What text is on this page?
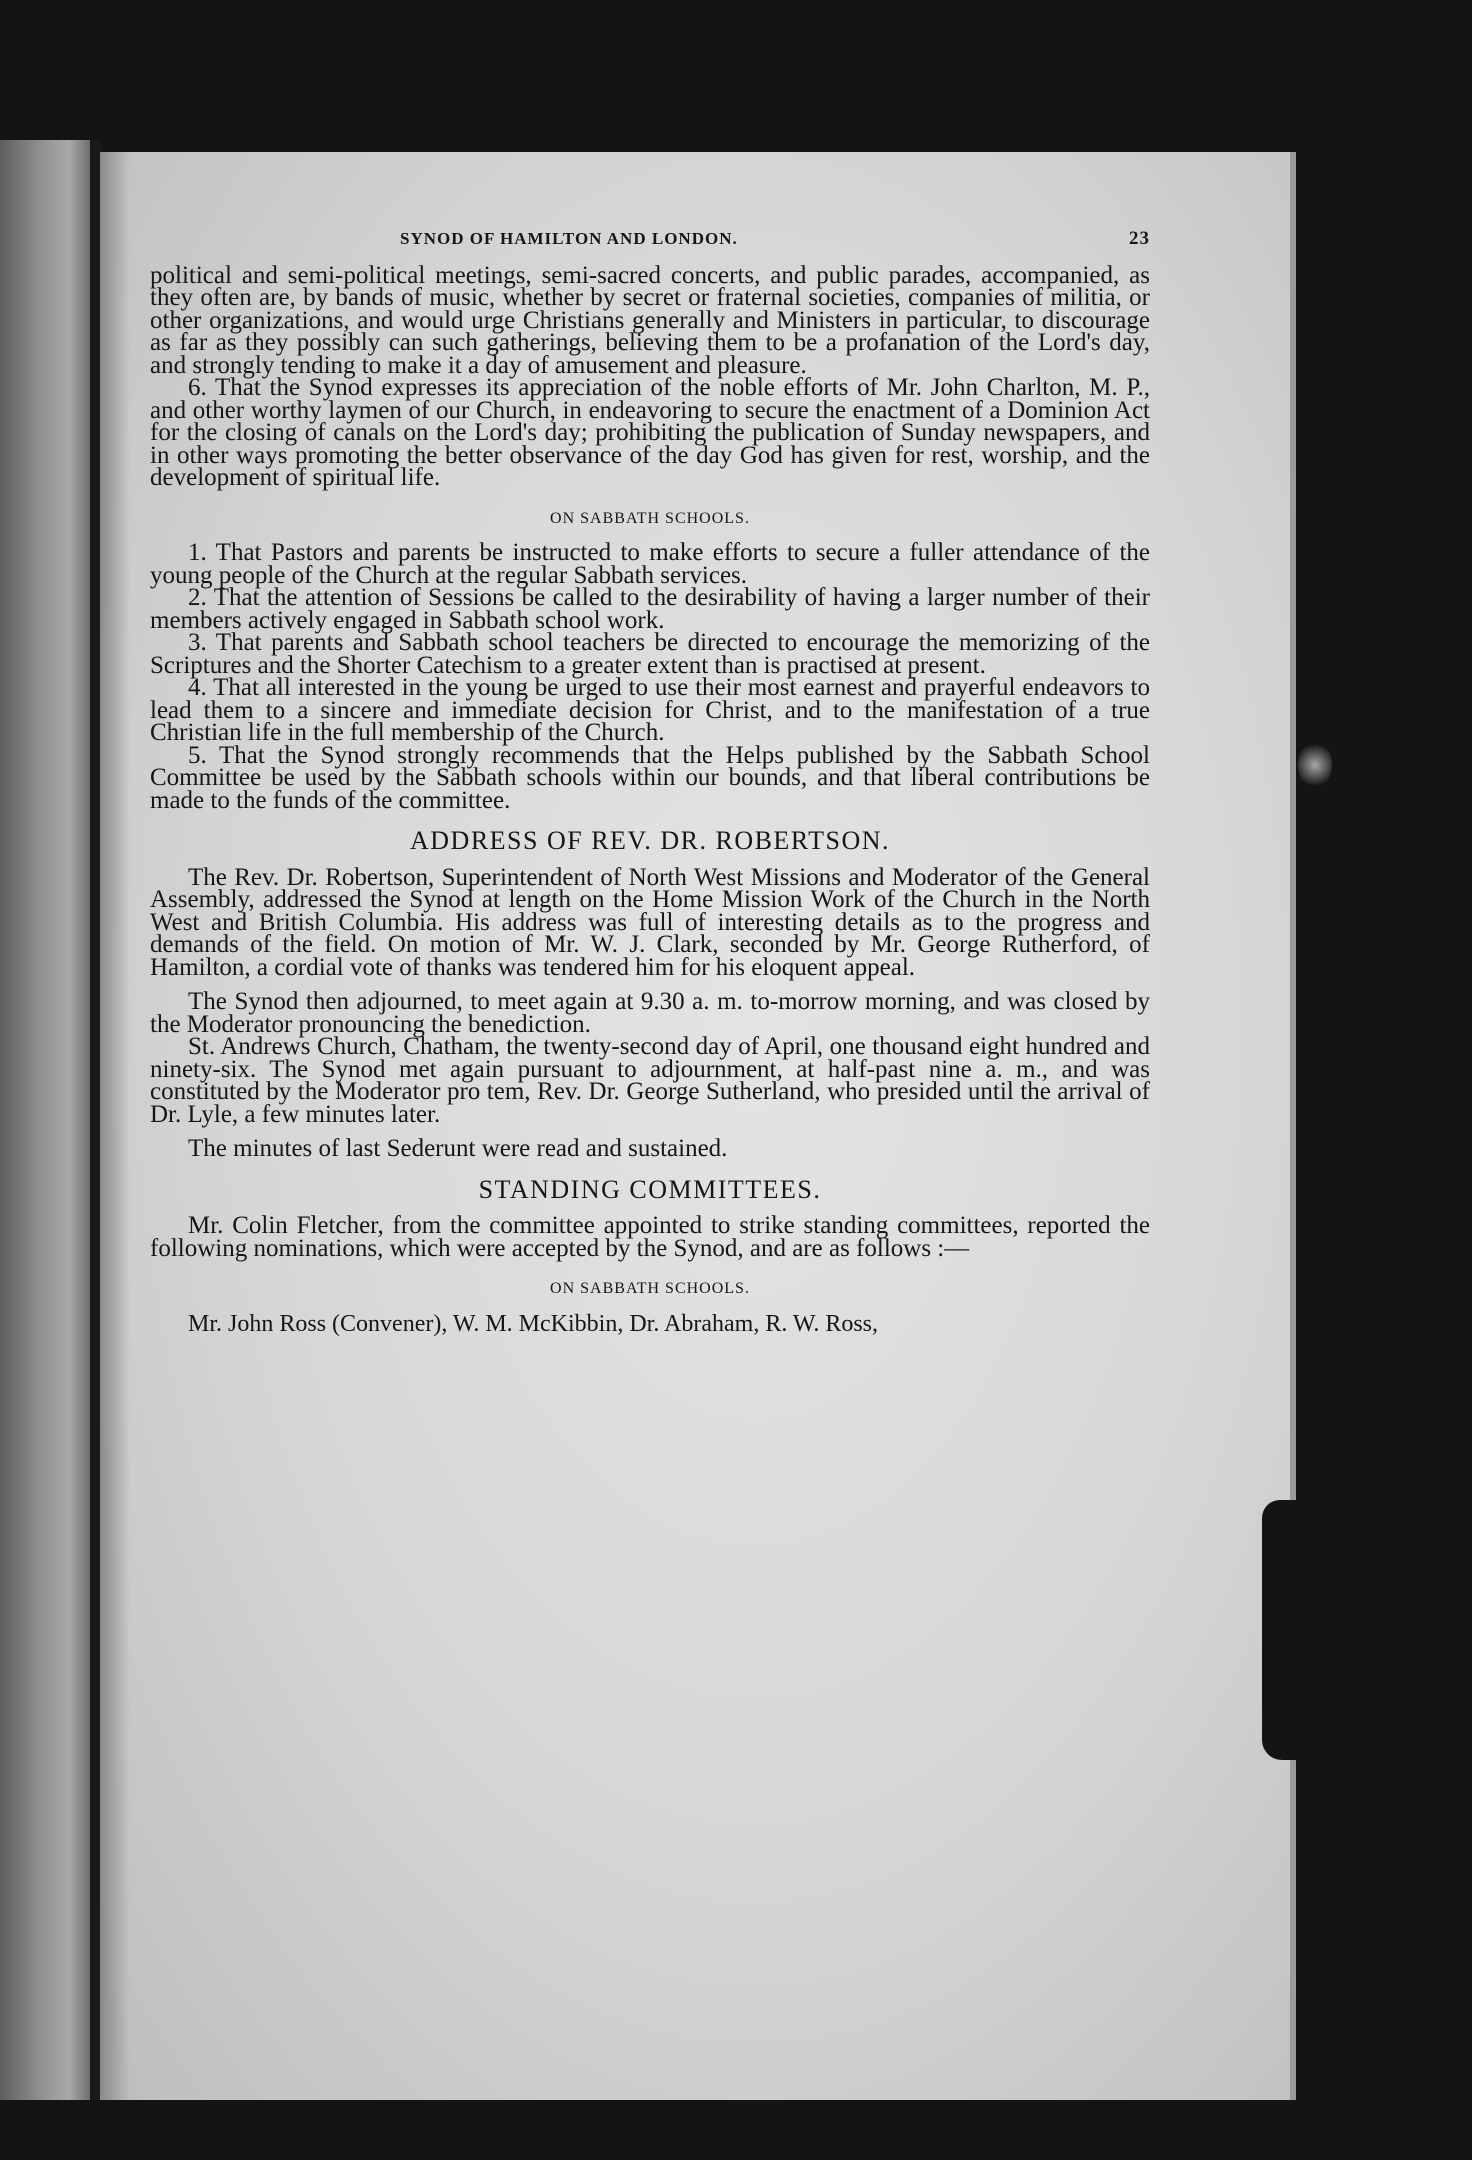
SYNOD OF HAMILTON AND LONDON.	23

political and semi-political meetings, semi-sacred concerts, and public parades, accompanied, as they often are, by bands of music, whether by secret or fraternal societies, companies of militia, or other organizations, and would urge Christians generally and Ministers in particular, to discourage as far as they possibly can such gatherings, believing them to be a profanation of the Lord's day, and strongly tending to make it a day of amusement and pleasure.

6. That the Synod expresses its appreciation of the noble efforts of Mr. John Charlton, M. P., and other worthy laymen of our Church, in endeavoring to secure the enactment of a Dominion Act for the closing of canals on the Lord's day; prohibiting the publication of Sunday newspapers, and in other ways promoting the better observance of the day God has given for rest, worship, and the development of spiritual life.

ON SABBATH SCHOOLS.

1. That Pastors and parents be instructed to make efforts to secure a fuller attendance of the young people of the Church at the regular Sabbath services.

2. That the attention of Sessions be called to the desirability of having a larger number of their members actively engaged in Sabbath school work.

3. That parents and Sabbath school teachers be directed to encourage the memorizing of the Scriptures and the Shorter Catechism to a greater extent than is practised at present.

4. That all interested in the young be urged to use their most earnest and prayerful endeavors to lead them to a sincere and immediate decision for Christ, and to the manifestation of a true Christian life in the full membership of the Church.

5. That the Synod strongly recommends that the Helps published by the Sabbath School Committee be used by the Sabbath schools within our bounds, and that liberal contributions be made to the funds of the committee.

ADDRESS OF REV. DR. ROBERTSON.

The Rev. Dr. Robertson, Superintendent of North West Missions and Moderator of the General Assembly, addressed the Synod at length on the Home Mission Work of the Church in the North West and British Columbia. His address was full of interesting details as to the progress and demands of the field. On motion of Mr. W. J. Clark, seconded by Mr. George Rutherford, of Hamilton, a cordial vote of thanks was tendered him for his eloquent appeal.

The Synod then adjourned, to meet again at 9.30 a. m. to-morrow morning, and was closed by the Moderator pronouncing the benediction.

St. Andrews Church, Chatham, the twenty-second day of April, one thousand eight hundred and ninety-six. The Synod met again pursuant to adjournment, at half-past nine a. m., and was constituted by the Moderator pro tem, Rev. Dr. George Sutherland, who presided until the arrival of Dr. Lyle, a few minutes later.

The minutes of last Sederunt were read and sustained.

STANDING COMMITTEES.

Mr. Colin Fletcher, from the committee appointed to strike standing committees, reported the following nominations, which were accepted by the Synod, and are as follows :—

ON SABBATH SCHOOLS.

Mr. John Ross (Convener), W. M. McKibbin, Dr. Abraham, R. W. Ross,
